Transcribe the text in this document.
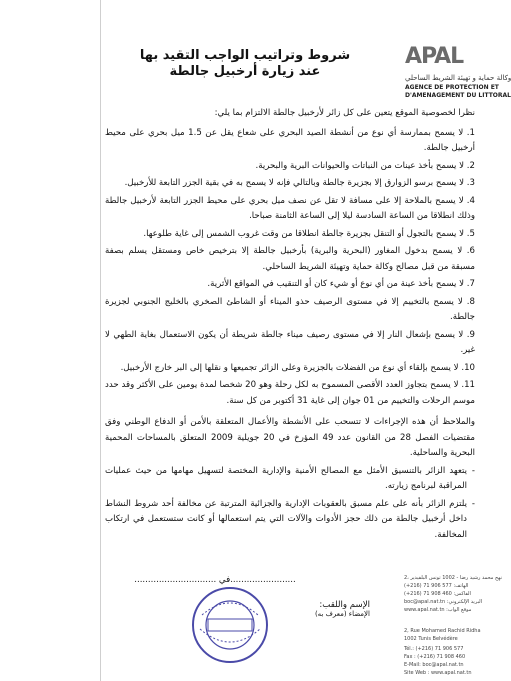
APAL
وكالة حماية و تهيئة الشريط الساحلي
AGENCE DE PROTECTION ET
D'AMENAGEMENT DU LITTORAL
شروط وتراتيب الواجب التقيد بها
عند زيارة أرخبيل جالطة

نظرا لخصوصية الموقع يتعين على كل زائر لأرخبيل جالطة الالتزام بما يلي:

1. لا يسمح بممارسة أي نوع من أنشطة الصيد البحري على شعاع يقل عن 1.5 ميل بحري على محيط أرخبيل جالطة.

2. لا يسمح بأخذ عينات من النباتات والحيوانات البرية والبحرية.

3. لا يسمح برسو الزوارق إلا بجزيرة جالطة وبالتالي فإنه لا يسمح به في بقية الجزر التابعة للأرخبيل.

4. لا يسمح بالملاحة إلا على مسافة لا تقل عن نصف ميل بحري على محيط الجزر التابعة لأرخبيل جالطة وذلك انطلاقا من الساعة السادسة ليلا إلى الساعة الثامنة صباحا.

5. لا يسمح بالتجول أو التنقل بجزيرة جالطة انطلاقا من وقت غروب الشمس إلى غاية طلوعها.

6. لا يسمح بدخول المغاور (البحرية والبرية) بأرخبيل جالطة إلا بترخيص خاص ومستقل يسلم بصفة مسبقة من قبل مصالح وكالة حماية وتهيئة الشريط الساحلي.

7. لا يسمح بأخذ عينة من أي نوع أو شيء كان أو التنقيب في المواقع الأثرية.

8. لا يسمح بالتخييم إلا في مستوى الرصيف حذو الميناء أو الشاطئ الصخري بالخليج الجنوبي لجزيرة جالطة.

9. لا يسمح بإشعال النار إلا في مستوى رصيف ميناء جالطة شريطة أن يكون الاستعمال بغاية الطهي لا غير.

10. لا يسمح بإلقاء أي نوع من الفضلات بالجزيرة وعلى الزائر تجميعها و نقلها إلى البر خارج الأرخبيل.

11. لا يسمح بتجاوز العدد الأقصى المسموح به لكل رحلة وهو 20 شخصا لمدة يومين على الأكثر وقد حدد موسم الرحلات والتخييم من 01 جوان إلى غاية 31 أكتوبر من كل سنة.

والملاحظ أن هذه الإجراءات لا تتسحب على الأنشطة والأعمال المتعلقة بالأمن أو الدفاع الوطني وفق مقتضيات الفصل 28 من القانون عدد 49 المؤرخ في 20 جويلية 2009 المتعلق بالمساحات المحمية البحرية والساحلية.

- يتعهد الزائر بالتنسيق الأمثل مع المصالح الأمنية والإدارية المختصة لتسهيل مهامها من حيث عمليات المراقبة لبرنامج زيارته.

- يلتزم الزائر بأنه على علم مسبق بالعقوبات الإدارية والجزائية المترتبة عن مخالفة أحد شروط النشاط داخل أرخبيل جالطة من ذلك حجز الأدوات والآلات التي يتم استعمالها أو كانت ستستعمل في ارتكاب المخالفة.

........................في ..............................
الإسم واللقب:
الإمضاء (معرف به)
2، نهج محمد رشيد رضا - 1002 تونس البلفيدير
(+216) 71 906 577 :الهاتف
(+216) 71 908 460 :الفاكس
boc@apal.nat.tn :البريد الإلكتروني
www.apal.nat.tn :موقع الواب
2, Rue Mohamed Rachid Ridha
1002 Tunis Belvédère
Tél.: (+216) 71 906 577
Fax : (+216) 71 908 460
E-Mail: boc@apal.nat.tn
Site Web : www.apal.nat.tn
